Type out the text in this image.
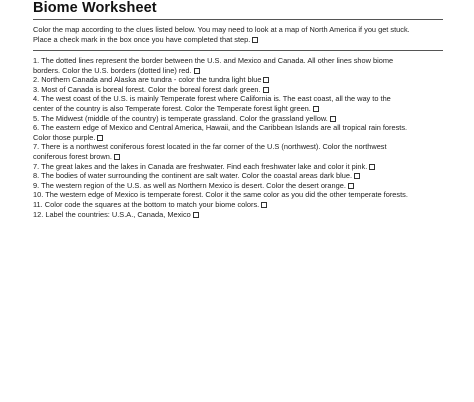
Biome Worksheet
Color the map according to the clues listed below. You may need to look at a map of North America if you get stuck.
Place a check mark in the box once you have completed that step.
1. The dotted lines represent the border between the U.S. and Mexico and Canada. All other lines show biome
borders. Color the U.S. borders (dotted line) red.
2. Northern Canada and Alaska are tundra - color the tundra light blue
3. Most of Canada is boreal forest. Color the boreal forest dark green.
4. The west coast of the U.S. is mainly Temperate forest where California is. The east coast, all the way to the
center of the country is also Temperate forest. Color the Temperate forest light green.
5. The Midwest (middle of the country) is temperate grassland. Color the grassland yellow.
6. The eastern edge of Mexico and Central America, Hawaii, and the Caribbean Islands are all tropical rain forests.
Color those purple.
7. There is a northwest coniferous forest located in the far corner of the U.S (northwest). Color the northwest
coniferous forest brown.
7. The great lakes and the lakes in Canada are freshwater. Find each freshwater lake and color it pink.
8. The bodies of water surrounding the continent are salt water. Color the coastal areas dark blue.
9. The western region of the U.S. as well as Northern Mexico is desert. Color the desert orange.
10. The western edge of Mexico is temperate forest. Color it the same color as you did the other temperate forests.
11. Color code the squares at the bottom to match your biome colors.
12. Label the countries: U.S.A., Canada, Mexico
